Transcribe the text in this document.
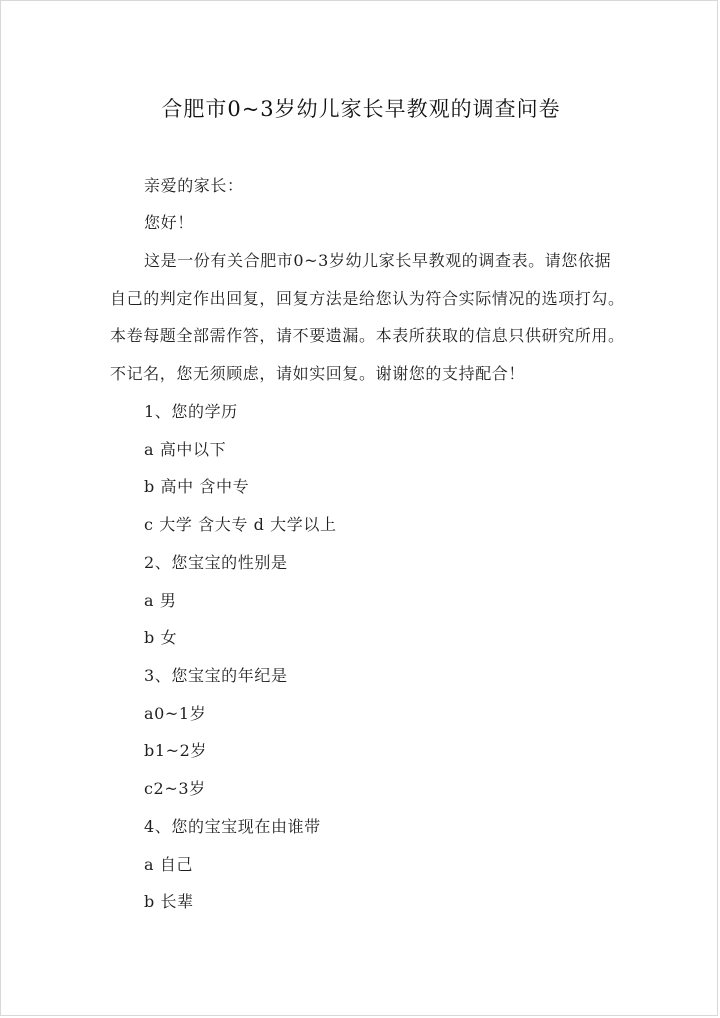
合肥市0~3岁幼儿家长早教观的调查问卷
亲爱的家长：
您好！
这是一份有关合肥市0~3岁幼儿家长早教观的调查表。请您依据
自己的判定作出回复，回复方法是给您认为符合实际情况的选项打勾。
本卷每题全部需作答，请不要遗漏。本表所获取的信息只供研究所用。
不记名，您无须顾虑，请如实回复。谢谢您的支持配合！
1、您的学历
a 高中以下
b 高中 含中专
c 大学 含大专 d 大学以上
2、您宝宝的性别是
a 男
b 女
3、您宝宝的年纪是
a0~1岁
b1~2岁
c2~3岁
4、您的宝宝现在由谁带
a 自己
b 长辈
